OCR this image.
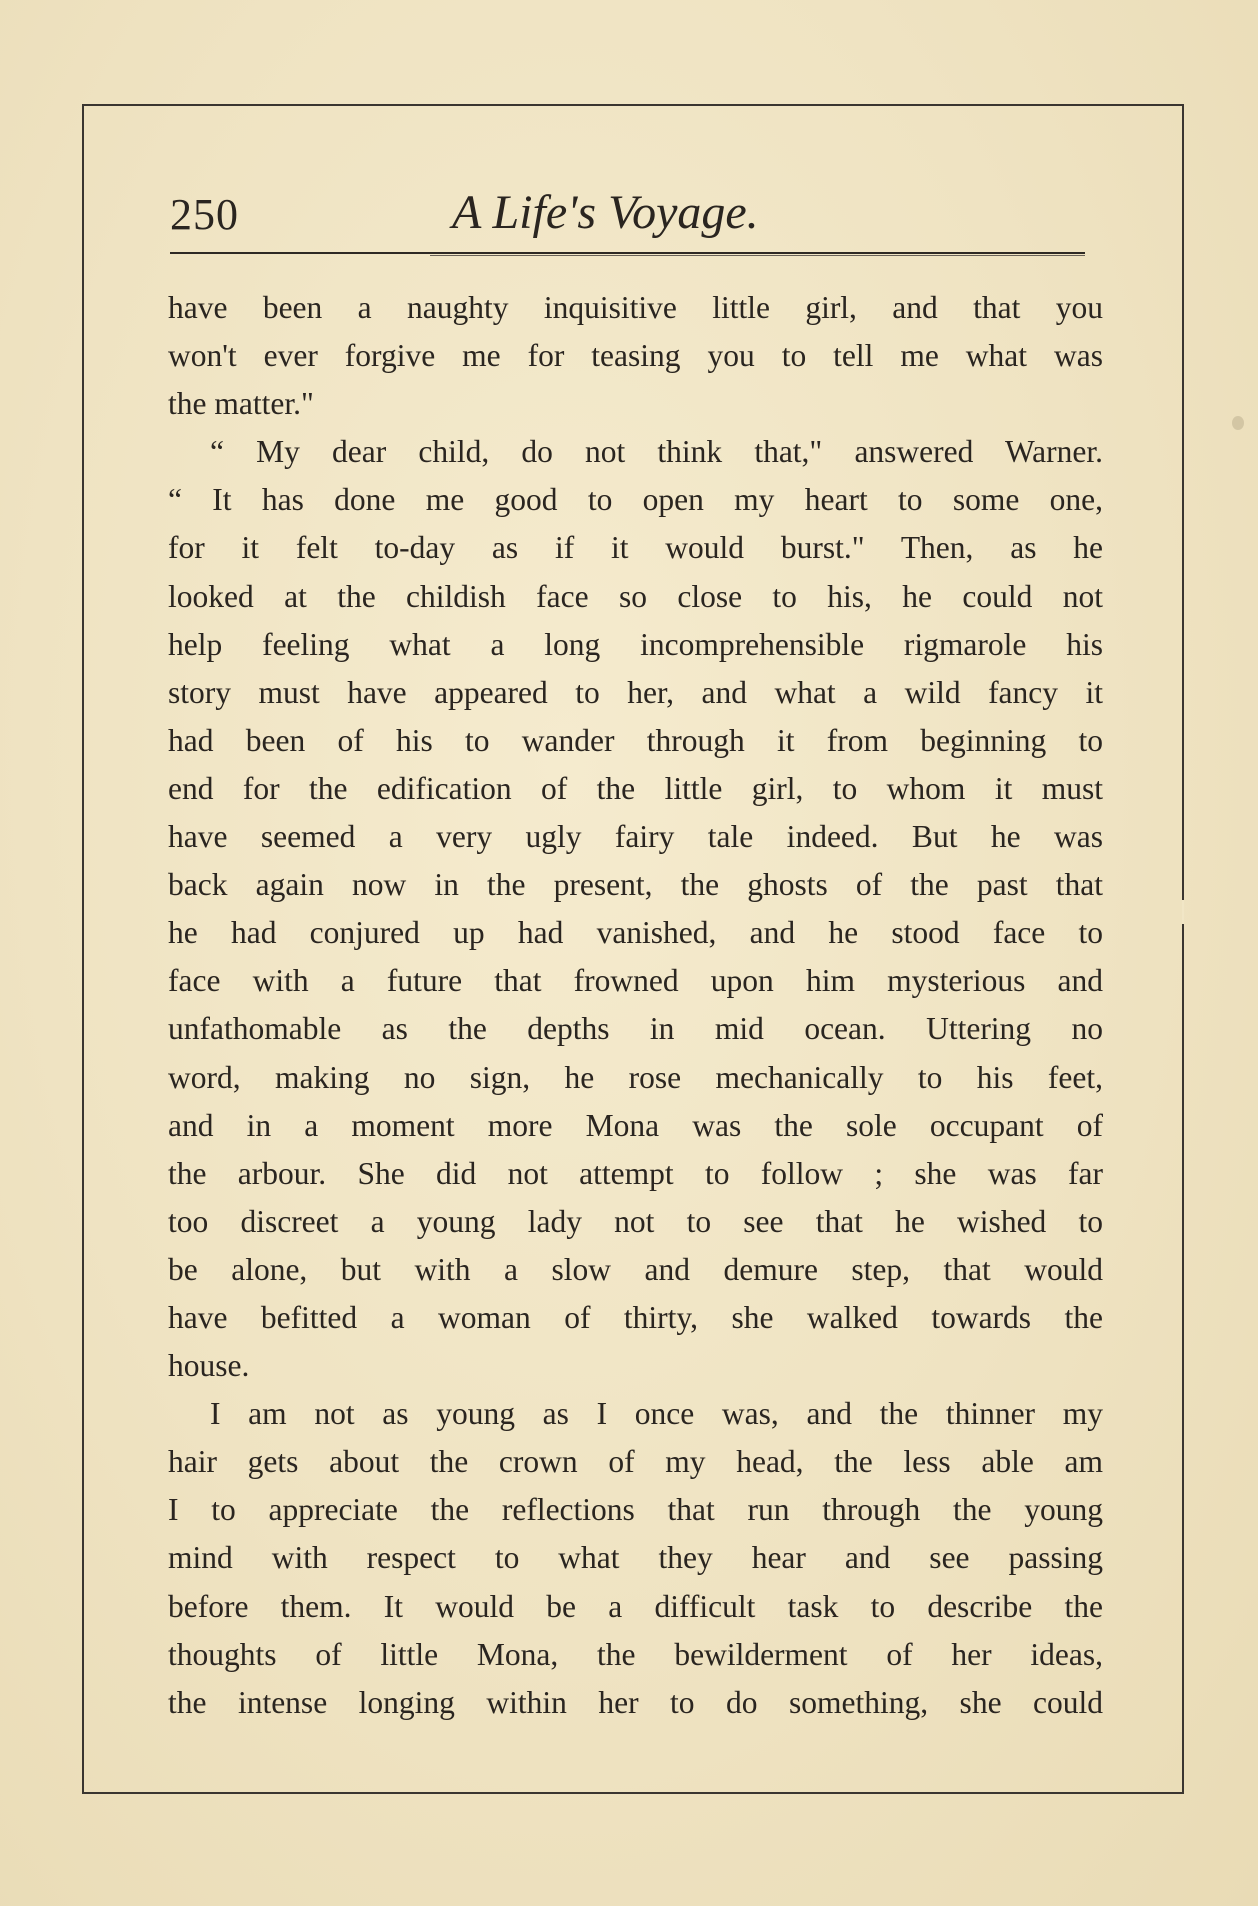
250	A Life's Voyage.
have been a naughty inquisitive little girl, and that you
won't ever forgive me for teasing you to tell me what was
the matter."
“ My dear child, do not think that," answered Warner.
“ It has done me good to open my heart to some one,
for it felt to-day as if it would burst." Then, as he
looked at the childish face so close to his, he could not
help feeling what a long incomprehensible rigmarole his
story must have appeared to her, and what a wild fancy it
had been of his to wander through it from beginning to
end for the edification of the little girl, to whom it must
have seemed a very ugly fairy tale indeed. But he was
back again now in the present, the ghosts of the past that
he had conjured up had vanished, and he stood face to
face with a future that frowned upon him mysterious and
unfathomable as the depths in mid ocean. Uttering no
word, making no sign, he rose mechanically to his feet,
and in a moment more Mona was the sole occupant of
the arbour. She did not attempt to follow ; she was far
too discreet a young lady not to see that he wished to
be alone, but with a slow and demure step, that would
have befitted a woman of thirty, she walked towards the
house.
I am not as young as I once was, and the thinner my
hair gets about the crown of my head, the less able am
I to appreciate the reflections that run through the young
mind with respect to what they hear and see passing
before them. It would be a difficult task to describe the
thoughts of little Mona, the bewilderment of her ideas,
the intense longing within her to do something, she could
